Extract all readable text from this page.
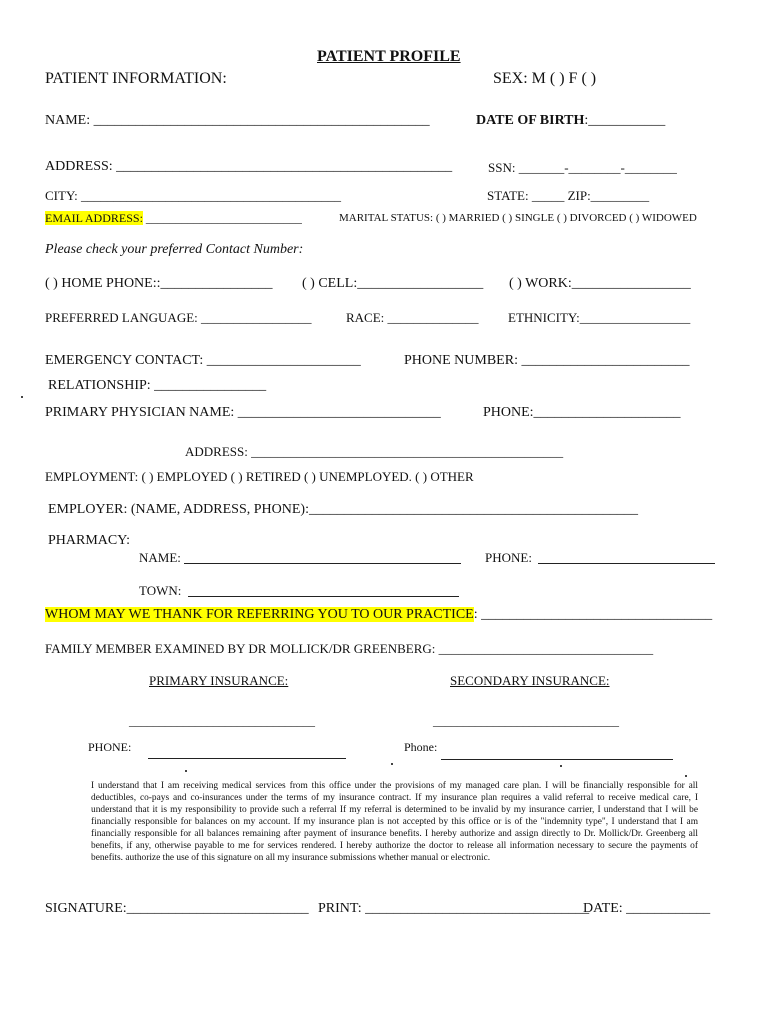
PATIENT PROFILE
PATIENT INFORMATION:	SEX: M ( ) F ( )
NAME: ________________________________________________	DATE OF BIRTH:___________
ADDRESS: ________________________________________________	SSN: _______-________-________
CITY: ________________________________________	STATE: _____ ZIP:_________
EMAIL ADDRESS: __________________________	MARITAL STATUS: ( ) MARRIED ( ) SINGLE ( ) DIVORCED ( ) WIDOWED
Please check your preferred Contact Number:
( ) HOME PHONE::________________ ( ) CELL:__________________ ( ) WORK:_________________
PREFERRED LANGUAGE: _________________	RACE: ______________ ETHNICITY:_________________
EMERGENCY CONTACT: ______________________	PHONE NUMBER: ________________________
RELATIONSHIP: ________________
PRIMARY PHYSICIAN NAME: _____________________________	PHONE:_____________________
ADDRESS: ________________________________________________
EMPLOYMENT: ( ) EMPLOYED ( ) RETIRED ( ) UNEMPLOYED. ( ) OTHER
EMPLOYER: (NAME, ADDRESS, PHONE):_______________________________________________
PHARMACY:
NAME:	PHONE:
TOWN:
WHOM MAY WE THANK FOR REFERRING YOU TO OUR PRACTICE: _________________________________
FAMILY MEMBER EXAMINED BY DR MOLLICK/DR GREENBERG: _________________________________
PRIMARY INSURANCE:	SECONDARY INSURANCE:
_______________________________	_______________________________
PHONE:	Phone:
I understand that I am receiving medical services from this office under the provisions of my managed care plan. I will be financially responsible for all deductibles, co-pays and co-insurances under the terms of my insurance contract. If my insurance plan requires a valid referral to receive medical care, I understand that it is my responsibility to provide such a referral If my referral is determined to be invalid by my insurance carrier, I understand that I will be financially responsible for balances on my account. If my insurance plan is not accepted by this office or is of the "indemnity type", I understand that I am financially responsible for all balances remaining after payment of insurance benefits. I hereby authorize and assign directly to Dr. Mollick/Dr. Greenberg all benefits, if any, otherwise payable to me for services rendered. I hereby authorize the doctor to release all information necessary to secure the payments of benefits. authorize the use of this signature on all my insurance submissions whether manual or electronic.
SIGNATURE:__________________________ PRINT: ________________________________
DATE: ____________
